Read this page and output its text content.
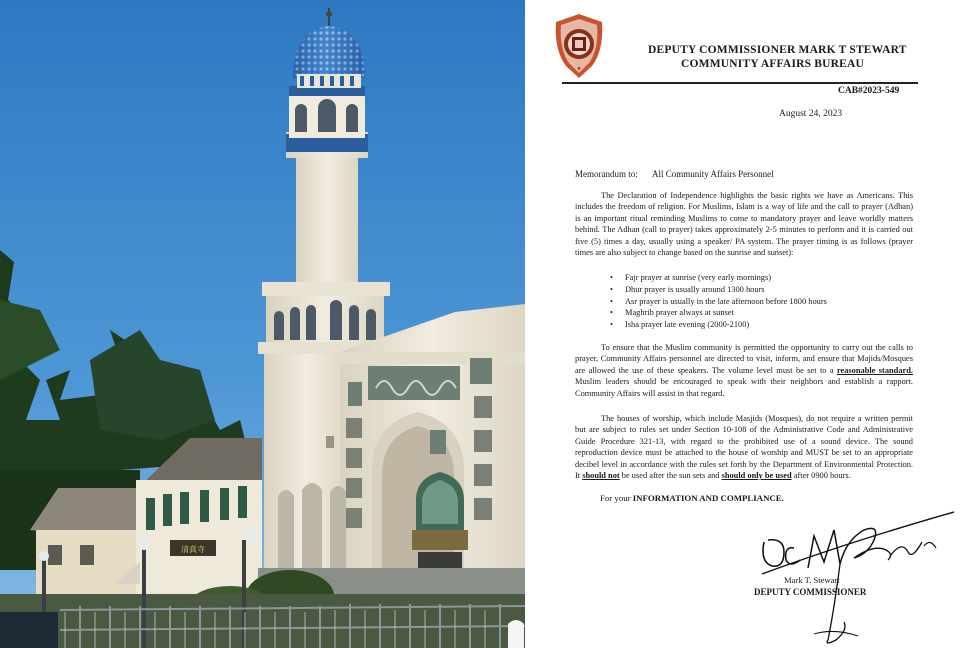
清真寺
★
DEPUTY COMMISSIONER MARK T STEWART
COMMUNITY AFFAIRS BUREAU
CAB#2023-549
August 24, 2023
Memorandum to: All Community Affairs Personnel
The Declaration of Independence highlights the basic rights we have as Americans. This includes the freedom of religion. For Muslims, Islam is a way of life and the call to prayer (Adhan) is an important ritual reminding Muslims to come to mandatory prayer and leave worldly matters behind. The Adhan (call to prayer) takes approximately 2-5 minutes to perform and it is carried out five (5) times a day, usually using a speaker/ PA system. The prayer timing is as follows (prayer times are also subject to change based on the sunrise and sunset):
• Fajr prayer at sunrise (very early mornings)
• Dhur prayer is usually around 1300 hours
• Asr prayer is usually in the late afternoon before 1800 hours
• Maghrib prayer always at sunset
• Isha prayer late evening (2000-2100)
To ensure that the Muslim community is permitted the opportunity to carry out the calls to prayer, Community Affairs personnel are directed to visit, inform, and ensure that Majids/Mosques are allowed the use of these speakers. The volume level must be set to a reasonable standard. Muslim leaders should be encouraged to speak with their neighbors and establish a rapport. Community Affairs will assist in that regard.
The houses of worship, which include Masjids (Mosques), do not require a written permit but are subject to rules set under Section 10-108 of the Administrative Code and Administrative Guide Procedure 321-13, with regard to the prohibited use of a sound device. The sound reproduction device must be attached to the house of worship and MUST be set to an appropriate decibel level in accordance with the rules set forth by the Department of Environmental Protection. It should not be used after the sun sets and should only be used after 0900 hours.
For your INFORMATION AND COMPLIANCE.
Mark T. Stewart
DEPUTY COMMISSIONER
